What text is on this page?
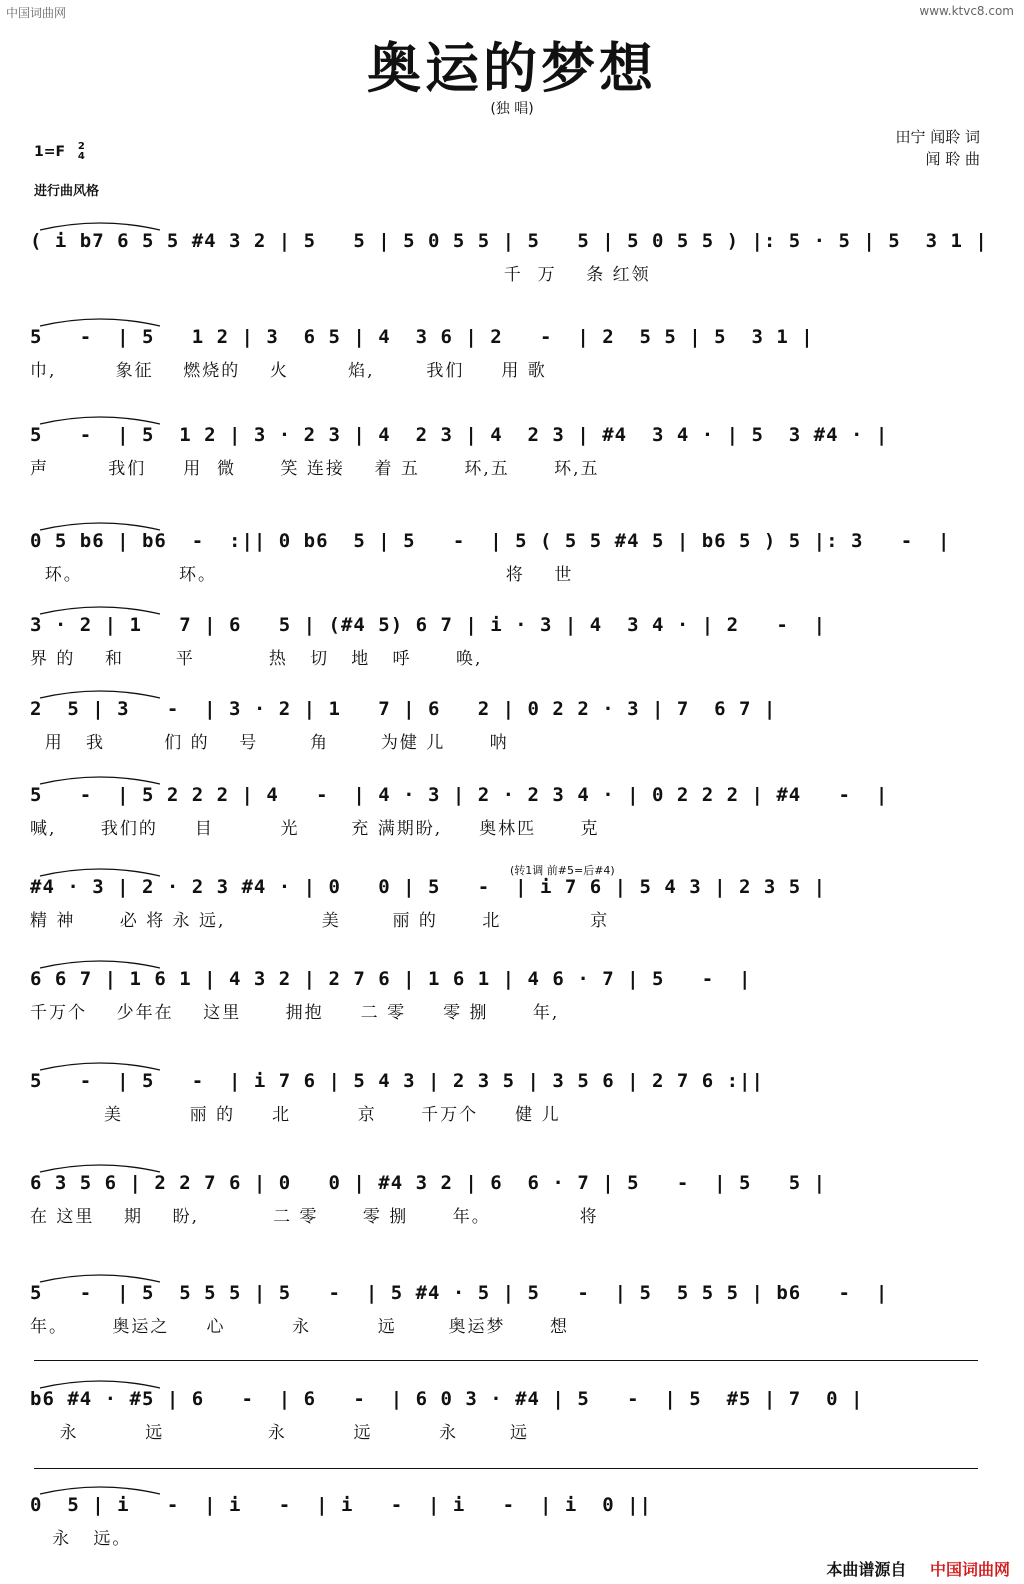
中国词曲网	www.ktvc8.com
奥运的梦想
(独 唱)
田宁 闻聆 词
闻 聆 曲
1=F 2
4
进行曲风格
(转1调 前#5=后#4)
( i b7 6 5 5 #4 3 2 | 5   5 | 5 0 5 5 | 5   5 | 5 0 5 5 ) |: 5 · 5 | 5  3 1 |
千  万    条 红领
5   -  | 5   1 2 | 3  6 5 | 4  3 6 | 2   -  | 2  5 5 | 5  3 1 |
巾,        象征    燃烧的    火        焰,       我们     用 歌
5   -  | 5  1 2 | 3 · 2 3 | 4  2 3 | 4  2 3 | #4  3 4 · | 5  3 #4 · |
声        我们     用  微      笑 连接    着 五      环,五      环,五
0 5 b6 | b6  -  :|| 0 b6  5 | 5   -  | 5 ( 5 5 #4 5 | b6 5 ) 5 |: 3   -  |
环。             环。                                       将    世
3 · 2 | 1   7 | 6   5 | (#4 5) 6 7 | i · 3 | 4  3 4 · | 2   -  |
界 的    和       平          热   切   地   呼      唤,
2  5 | 3   -  | 3 · 2 | 1   7 | 6   2 | 0 2 2 · 3 | 7  6 7 |
用   我        们 的    号       角       为健 儿      呐
5   -  | 5 2 2 2 | 4   -  | 4 · 3 | 2 · 2 3 4 · | 0 2 2 2 | #4   -  |
喊,      我们的     目         光       充 满期盼,     奥林匹      克
#4 · 3 | 2 · 2 3 #4 · | 0   0 | 5   -  | i 7 6 | 5 4 3 | 2 3 5 |
精 神      必 将 永 远,             美       丽 的      北            京
6 6 7 | 1 6 1 | 4 3 2 | 2 7 6 | 1 6 1 | 4 6 · 7 | 5   -  |
千万个    少年在    这里      拥抱     二 零     零 捌      年,
5   -  | 5   -  | i 7 6 | 5 4 3 | 2 3 5 | 3 5 6 | 2 7 6 :||
美         丽 的     北         京      千万个     健 儿
6 3 5 6 | 2 2 7 6 | 0   0 | #4 3 2 | 6  6 · 7 | 5   -  | 5   5 |
在 这里    期    盼,          二 零      零 捌      年。            将
5   -  | 5  5 5 5 | 5   -  | 5 #4 · 5 | 5   -  | 5  5 5 5 | b6   -  |
年。      奥运之     心         永         远       奥运梦      想
b6 #4 · #5 | 6   -  | 6   -  | 6 0 3 · #4 | 5   -  | 5  #5 | 7  0 |
永         远              永         远         永       远
0  5 | i   -  | i   -  | i   -  | i   -  | i  0 ||
永   远。
本曲谱源自 中国词曲网
